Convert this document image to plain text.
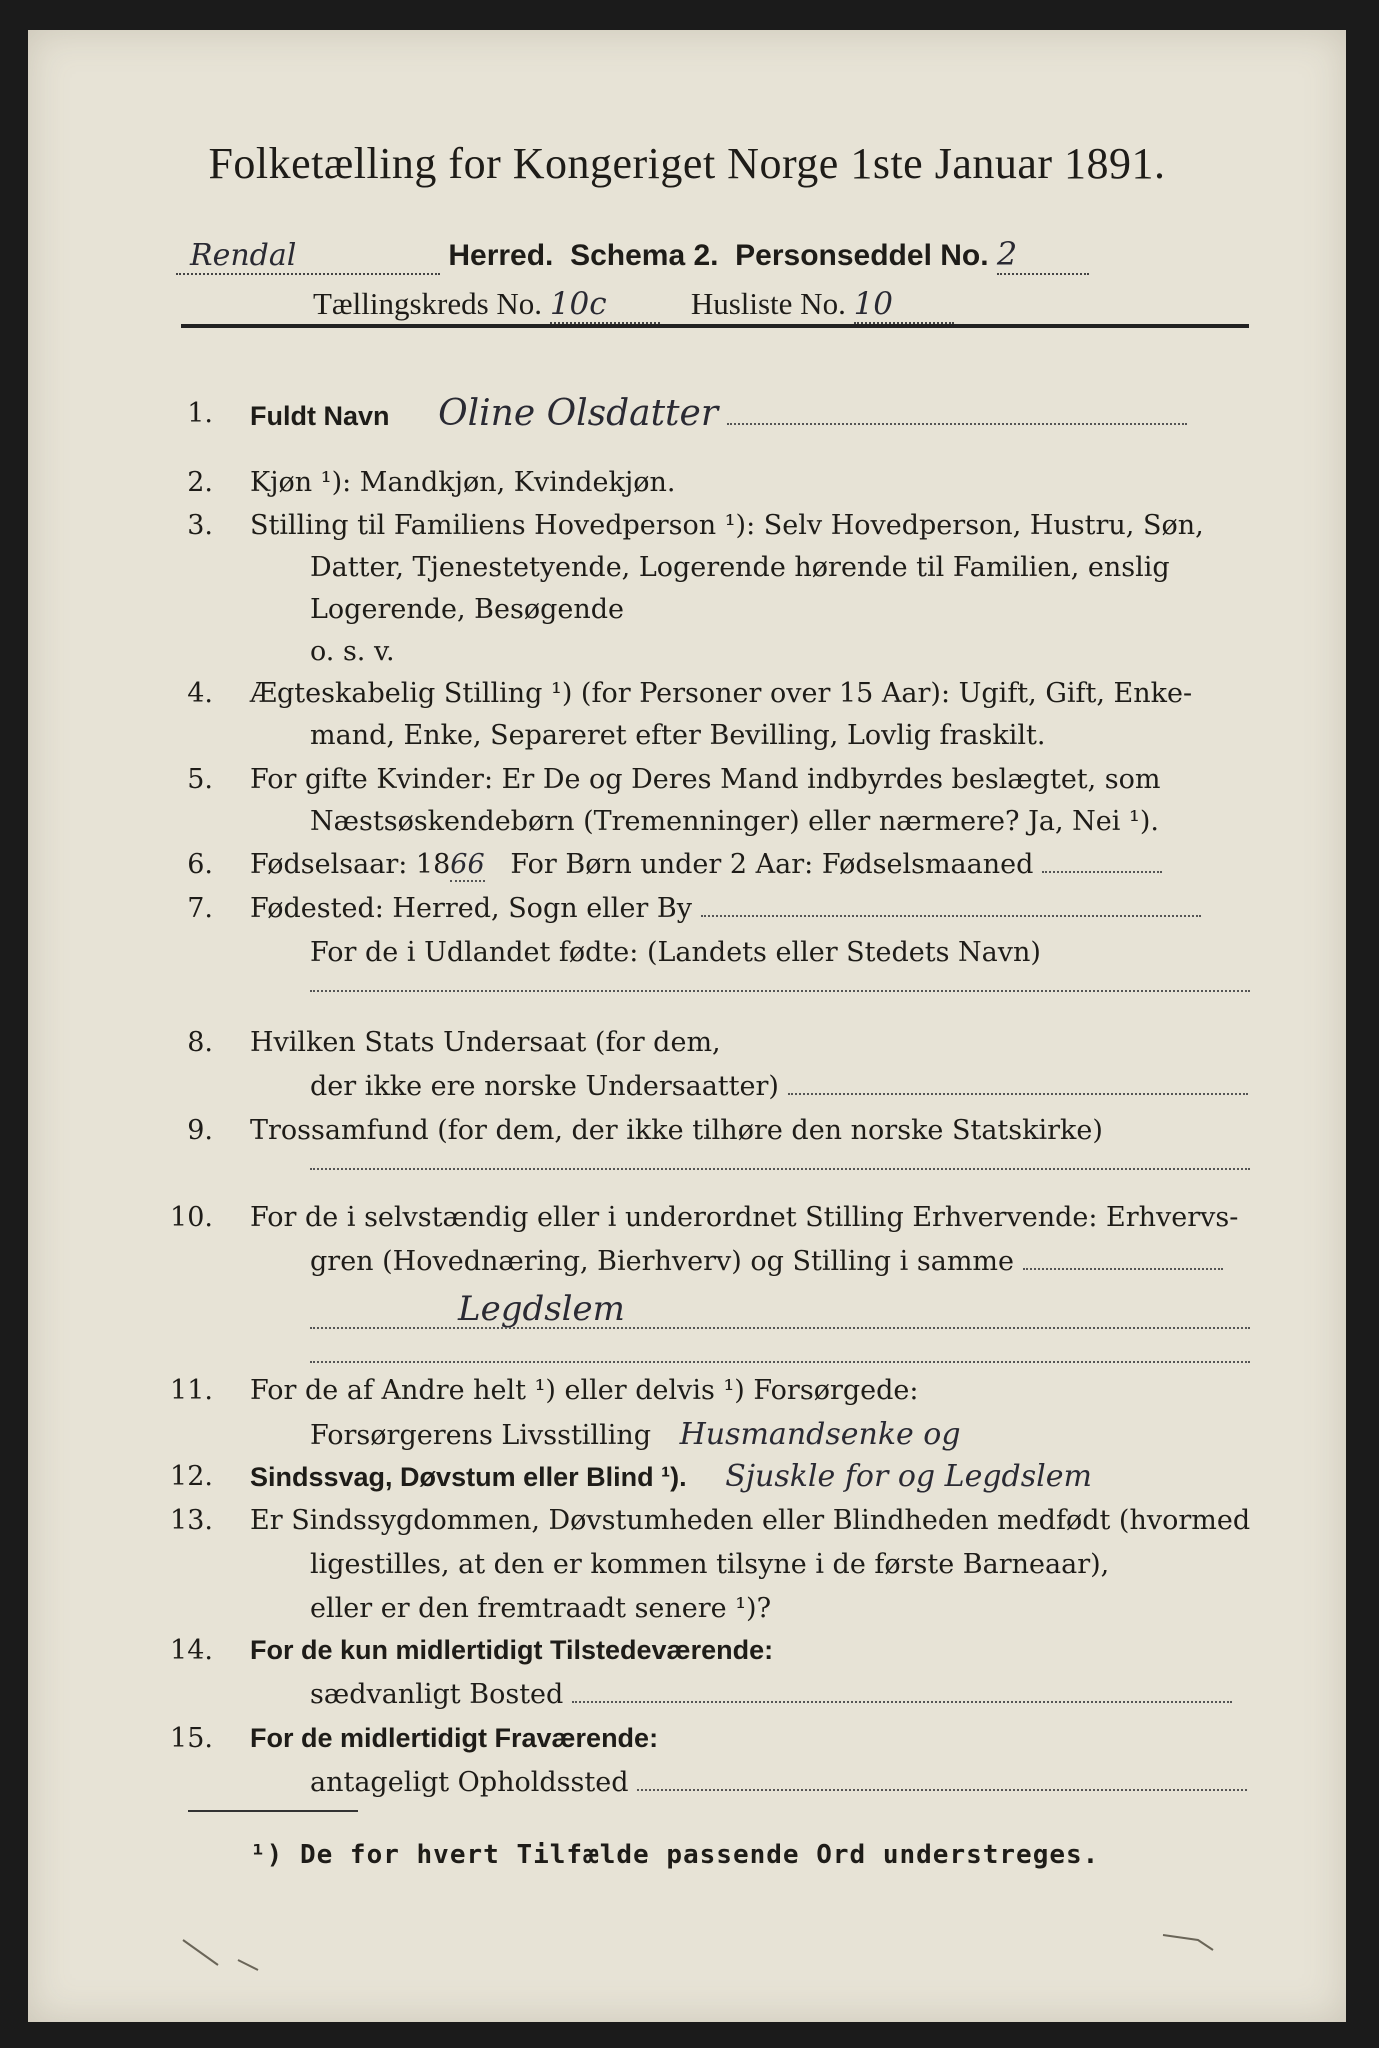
Folketælling for Kongeriget Norge 1ste Januar 1891.
Rendal	Herred. Schema 2. Personseddel No. 2
Tællingskreds No. 10c	Husliste No. 10
1. Fuldt Navn Oline Olsdatter
2. Kjøn ¹): Mandkjøn, Kvindekjøn.
3. Stilling til Familiens Hovedperson ¹): Selv Hovedperson, Hustru, Søn,
Datter, Tjenestetyende, Logerende hørende til Familien, enslig
Logerende, Besøgende
o. s. v.
4. Ægteskabelig Stilling ¹) (for Personer over 15 Aar): Ugift, Gift, Enke-
mand, Enke, Separeret efter Bevilling, Lovlig fraskilt.
5. For gifte Kvinder: Er De og Deres Mand indbyrdes beslægtet, som
Næstsøskendebørn (Tremenninger) eller nærmere? Ja, Nei ¹).
6. Fødselsaar: 1866 For Børn under 2 Aar: Fødselsmaaned
7. Fødested: Herred, Sogn eller By
For de i Udlandet fødte: (Landets eller Stedets Navn)
8. Hvilken Stats Undersaat (for dem,
der ikke ere norske Undersaatter)
9. Trossamfund (for dem, der ikke tilhøre den norske Statskirke)
10. For de i selvstændig eller i underordnet Stilling Erhvervende: Erhvervs-
gren (Hovednæring, Bierhverv) og Stilling i samme
Legdslem
11. For de af Andre helt ¹) eller delvis ¹) Forsørgede:
Forsørgerens Livsstilling Husmandsenke og
12. Sindssvag, Døvstum eller Blind ¹). Sjuskle for og Legdslem
13. Er Sindssygdommen, Døvstumheden eller Blindheden medfødt (hvormed
ligestilles, at den er kommen tilsyne i de første Barneaar),
eller er den fremtraadt senere ¹)?
14. For de kun midlertidigt Tilstedeværende:
sædvanligt Bosted
15. For de midlertidigt Fraværende:
antageligt Opholdssted
¹) De for hvert Tilfælde passende Ord understreges.
